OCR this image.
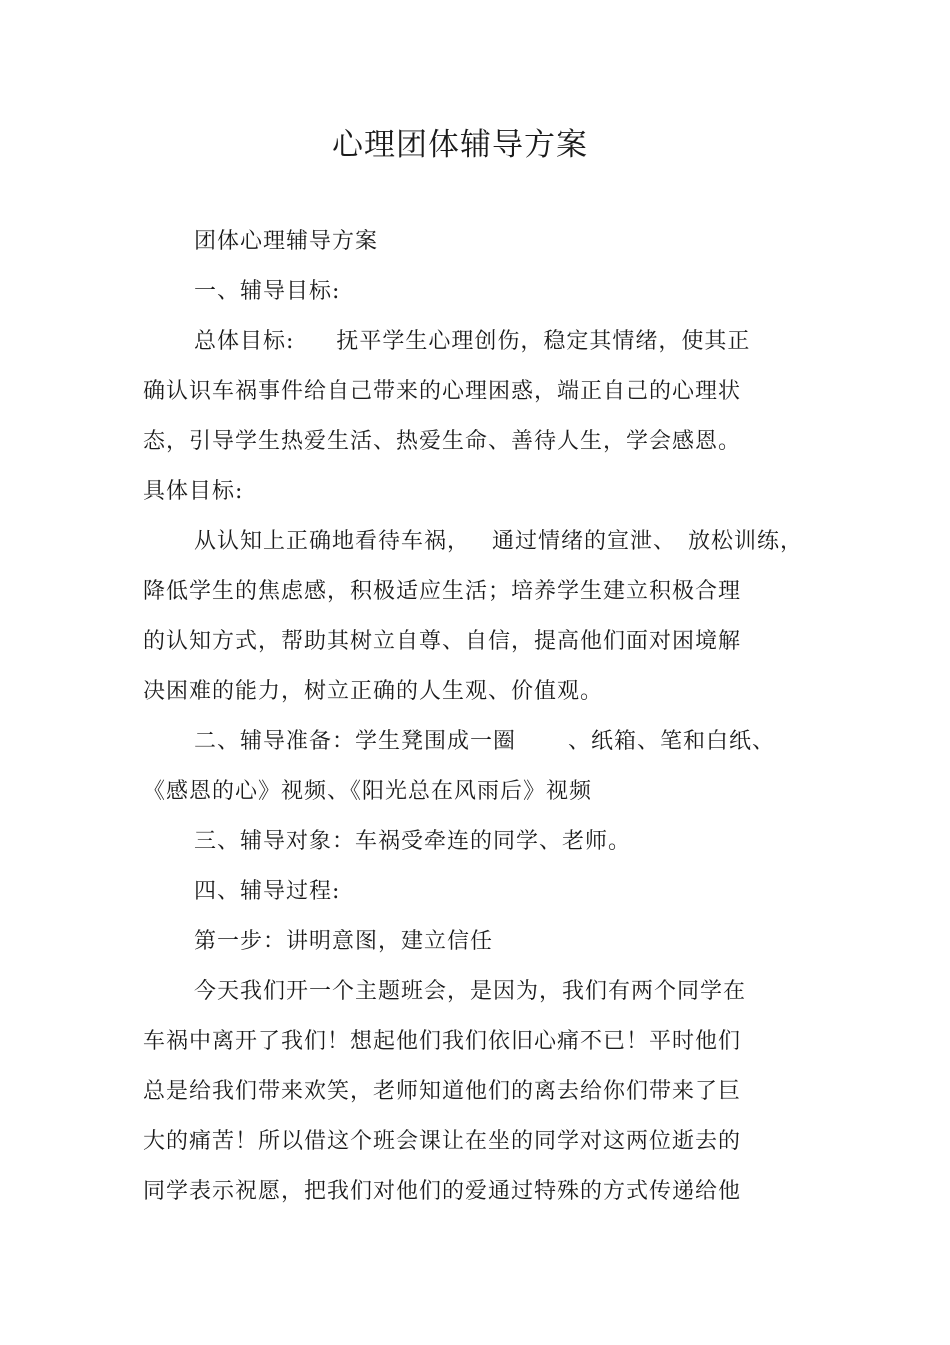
心理团体辅导方案
团体心理辅导方案
一、辅导目标:
总体目标: 抚平学生心理创伤，稳定其情绪，使其正
确认识车祸事件给自己带来的心理困惑，端正自己的心理状
态，引导学生热爱生活、热爱生命、善待人生，学会感恩。
具体目标:
从认知上正确地看待车祸， 通过情绪的宣泄、 放松训练，
降低学生的焦虑感，积极适应生活；培养学生建立积极合理
的认知方式，帮助其树立自尊、自信，提高他们面对困境解
决困难的能力，树立正确的人生观、价值观。
二、辅导准备：学生凳围成一圈 、纸箱、笔和白纸、
《感恩的心》视频、《阳光总在风雨后》视频
三、辅导对象：车祸受牵连的同学、老师。
四、辅导过程:
第一步：讲明意图，建立信任
今天我们开一个主题班会，是因为，我们有两个同学在
车祸中离开了我们！想起他们我们依旧心痛不已！平时他们
总是给我们带来欢笑，老师知道他们的离去给你们带来了巨
大的痛苦！所以借这个班会课让在坐的同学对这两位逝去的
同学表示祝愿，把我们对他们的爱通过特殊的方式传递给他
